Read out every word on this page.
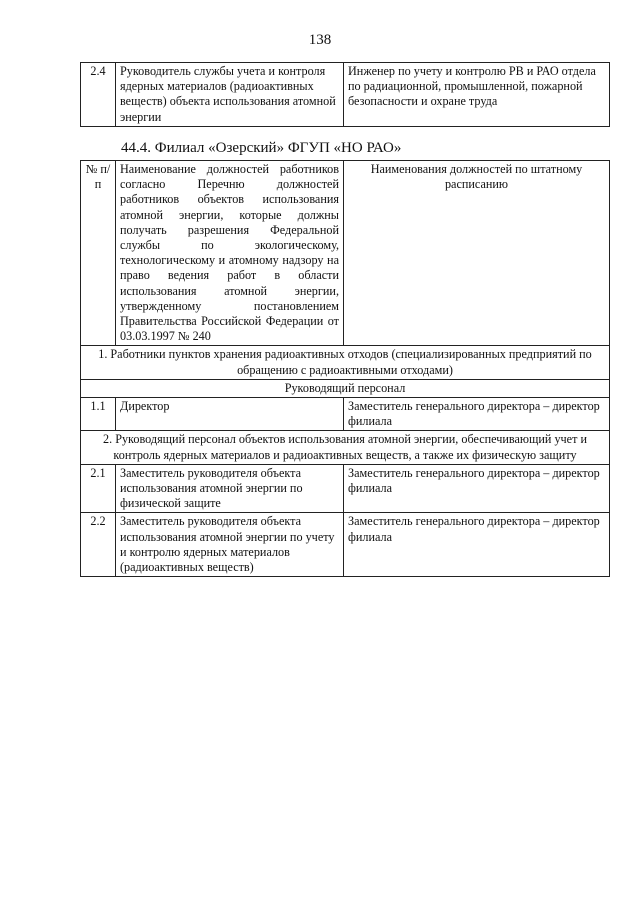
138
2.4	Руководитель службы учета и контроля ядерных материалов (радиоактивных веществ) объекта использования атомной энергии	Инженер по учету и контролю РВ и РАО отдела по радиационной, промышленной, пожарной безопасности и охране труда
44.4. Филиал «Озерский» ФГУП «НО РАО»
№ п/п	Наименование должностей работников согласно Перечню должностей работников объектов использования атомной энергии, которые должны получать разрешения Федеральной службы по экологическому, технологическому и атомному надзору на право ведения работ в области использования атомной энергии, утвержденному постановлением Правительства Российской Федерации от 03.03.1997 № 240	Наименования должностей по штатному расписанию
1. Работники пунктов хранения радиоактивных отходов (специализированных предприятий по обращению с радиоактивными отходами)		
Руководящий персонал		
1.1	Директор	Заместитель генерального директора – директор филиала
2. Руководящий персонал объектов использования атомной энергии, обеспечивающий учет и контроль ядерных материалов и радиоактивных веществ, а также их физическую защиту		
2.1	Заместитель руководителя объекта использования атомной энергии по физической защите	Заместитель генерального директора – директор филиала
2.2	Заместитель руководителя объекта использования атомной энергии по учету и контролю ядерных материалов (радиоактивных веществ)	Заместитель генерального директора – директор филиала
